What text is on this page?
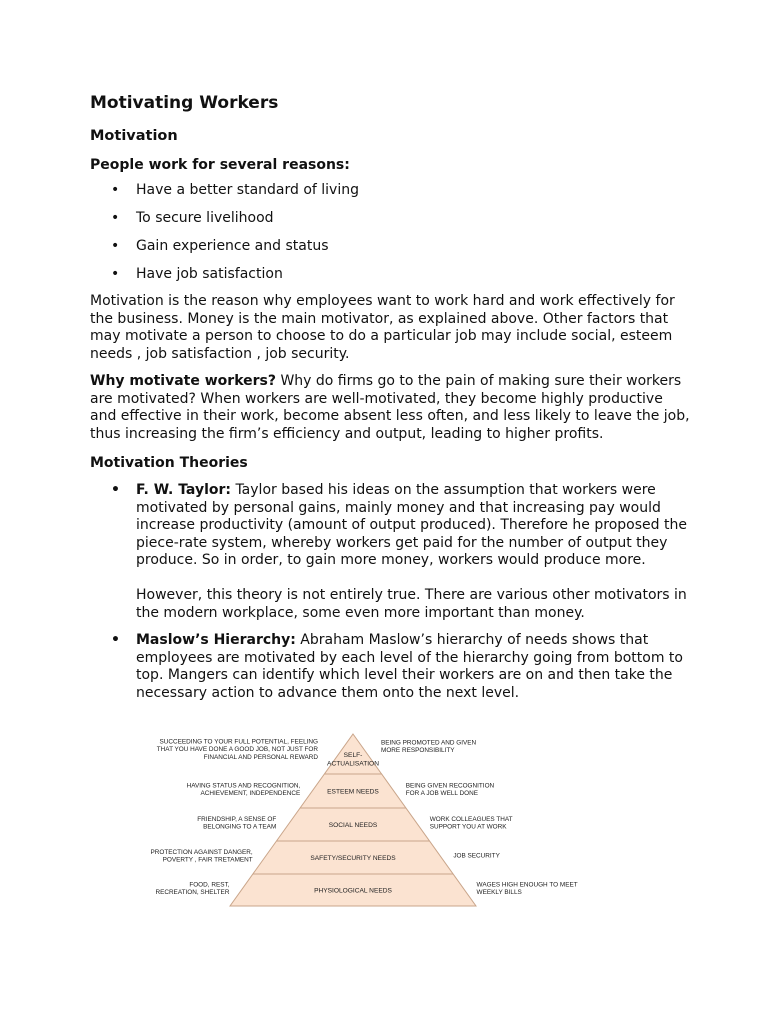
Motivating Workers
Motivation
People work for several reasons:
• Have a better standard of living
• To secure livelihood
• Gain experience and status
• Have job satisfaction

Motivation is the reason why employees want to work hard and work effectively for the business. Money is the main motivator, as explained above. Other factors that may motivate a person to choose to do a particular job may include social, esteem needs , job satisfaction , job security.

Why motivate workers? Why do firms go to the pain of making sure their workers are motivated? When workers are well-motivated, they become highly productive and effective in their work, become absent less often, and less likely to leave the job, thus increasing the firm’s efficiency and output, leading to higher profits.

Motivation Theories
• F. W. Taylor: Taylor based his ideas on the assumption that workers were motivated by personal gains, mainly money and that increasing pay would increase productivity (amount of output produced). Therefore he proposed the piece-rate system, whereby workers get paid for the number of output they produce. So in order, to gain more money, workers would produce more.
However, this theory is not entirely true. There are various other motivators in the modern workplace, some even more important than money.
• Maslow’s Hierarchy: Abraham Maslow’s hierarchy of needs shows that employees are motivated by each level of the hierarchy going from bottom to top. Mangers can identify which level their workers are on and then take the necessary action to advance them onto the next level.
SELF-ACTUALISATION
SUCCEEDING TO YOUR FULL POTENTIAL, FEELING THAT YOU HAVE DONE A GOOD JOB, NOT JUST FOR FINANCIAL AND PERSONAL REWARD
BEING PROMOTED AND GIVEN MORE RESPONSIBILITY
ESTEEM NEEDS
HAVING STATUS AND RECOGNITION, ACHIEVEMENT, INDEPENDENCE
BEING GIVEN RECOGNITION FOR A JOB WELL DONE
SOCIAL NEEDS
FRIENDSHIP, A SENSE OF BELONGING TO A TEAM
WORK COLLEAGUES THAT SUPPORT YOU AT WORK
SAFETY/SECURITY NEEDS
PROTECTION AGAINST DANGER, POVERTY , FAIR TRETAMENT
JOB SECURITY
PHYSIOLOGICAL NEEDS
FOOD, REST, RECREATION, SHELTER
WAGES HIGH ENOUGH TO MEET WEEKLY BILLS
